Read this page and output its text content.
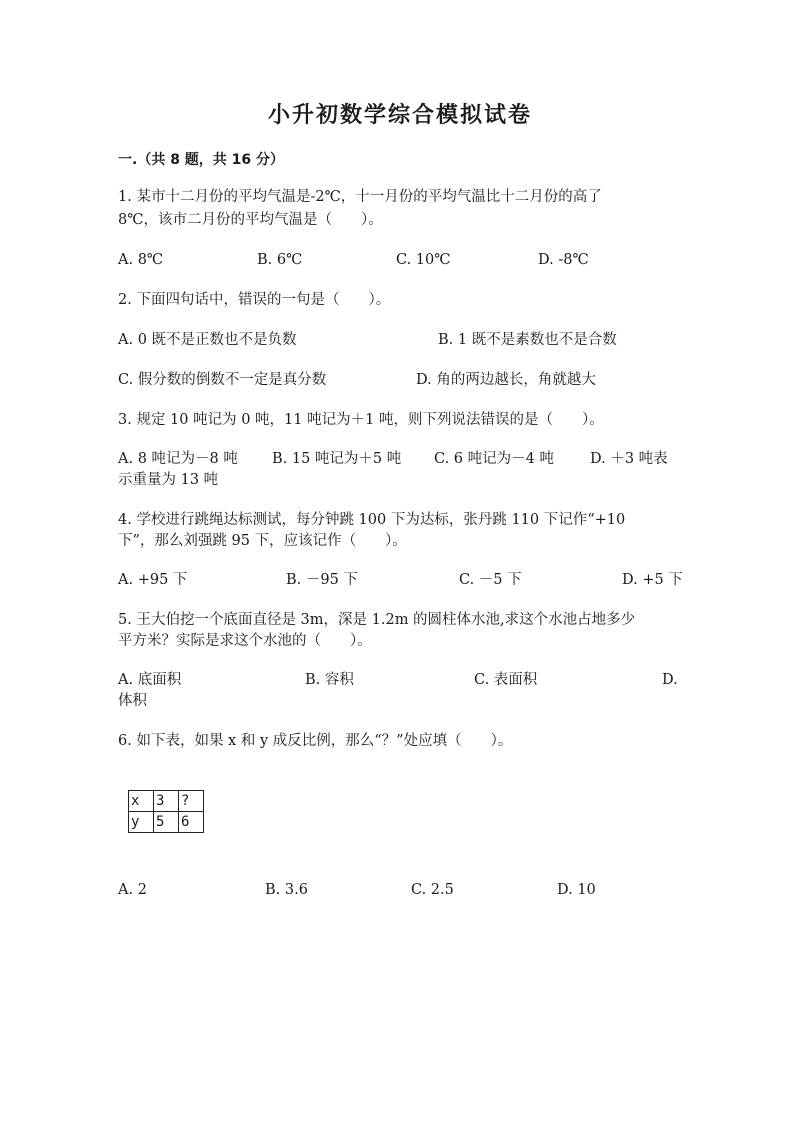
小升初数学综合模拟试卷
一.（共 8 题，共 16 分）
1. 某市十二月份的平均气温是-2℃，十一月份的平均气温比十二月份的高了
8℃，该市二月份的平均气温是（　　）。
A. 8℃	B. 6℃	C. 10℃	D. -8℃
2. 下面四句话中，错误的一句是（　　）。
A. 0 既不是正数也不是负数	B. 1 既不是素数也不是合数
C. 假分数的倒数不一定是真分数	D. 角的两边越长，角就越大
3. 规定 10 吨记为 0 吨，11 吨记为＋1 吨，则下列说法错误的是（　　）。
A. 8 吨记为－8 吨 B. 15 吨记为＋5 吨 C. 6 吨记为－4 吨 D. ＋3 吨表
示重量为 13 吨
4. 学校进行跳绳达标测试，每分钟跳 100 下为达标，张丹跳 110 下记作“+10
下”，那么刘强跳 95 下，应该记作（　　）。
A. +95 下	B. －95 下	C. －5 下	D. +5 下
5. 王大伯挖一个底面直径是 3m，深是 1.2m 的圆柱体水池,求这个水池占地多少
平方米？实际是求这个水池的（　　）。
A. 底面积	B. 容积	C. 表面积	D.
体积
6. 如下表，如果 x 和 y 成反比例，那么“？”处应填（　　）。
x	3	?
y	5	6
A. 2	B. 3.6	C. 2.5	D. 10
